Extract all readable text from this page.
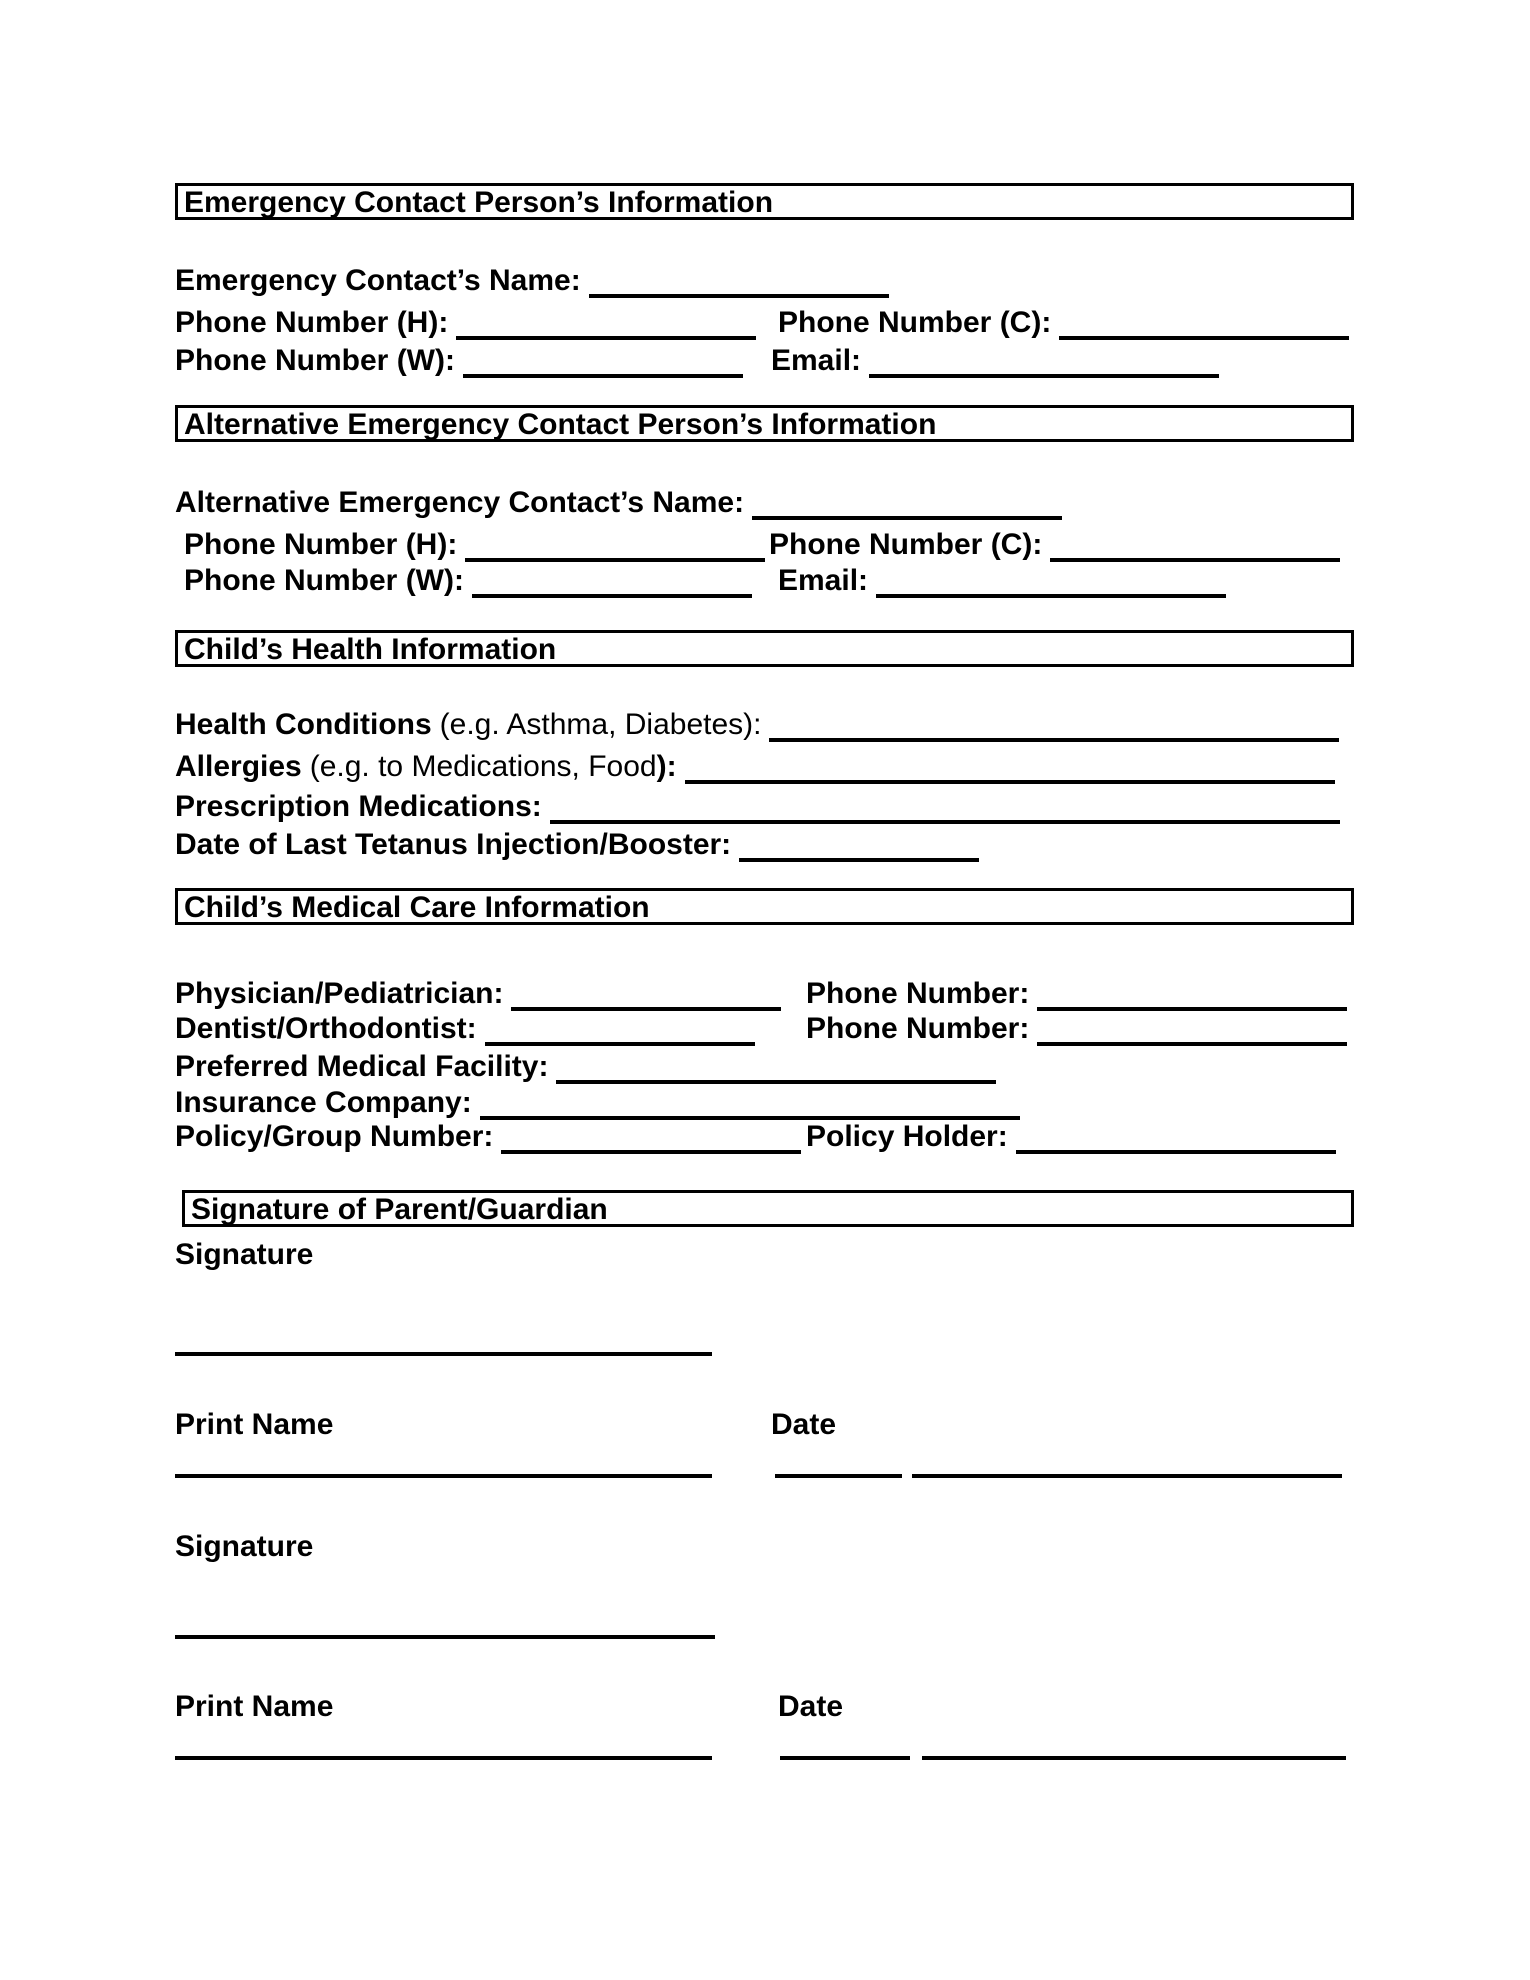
Emergency Contact Person’s Information
Emergency Contact’s Name:
Phone Number (H):	Phone Number (C):
Phone Number (W):	Email:
Alternative Emergency Contact Person’s Information
Alternative Emergency Contact’s Name:
Phone Number (H):	Phone Number (C):
Phone Number (W):	Email:
Child’s Health Information
Health Conditions (e.g. Asthma, Diabetes):
Allergies (e.g. to Medications, Food):
Prescription Medications:
Date of Last Tetanus Injection/Booster:
Child’s Medical Care Information
Physician/Pediatrician:	Phone Number:
Dentist/Orthodontist:	Phone Number:
Preferred Medical Facility:
Insurance Company:
Policy/Group Number:	Policy Holder:
Signature of Parent/Guardian
Signature
Print Name	Date
Signature
Print Name	Date
